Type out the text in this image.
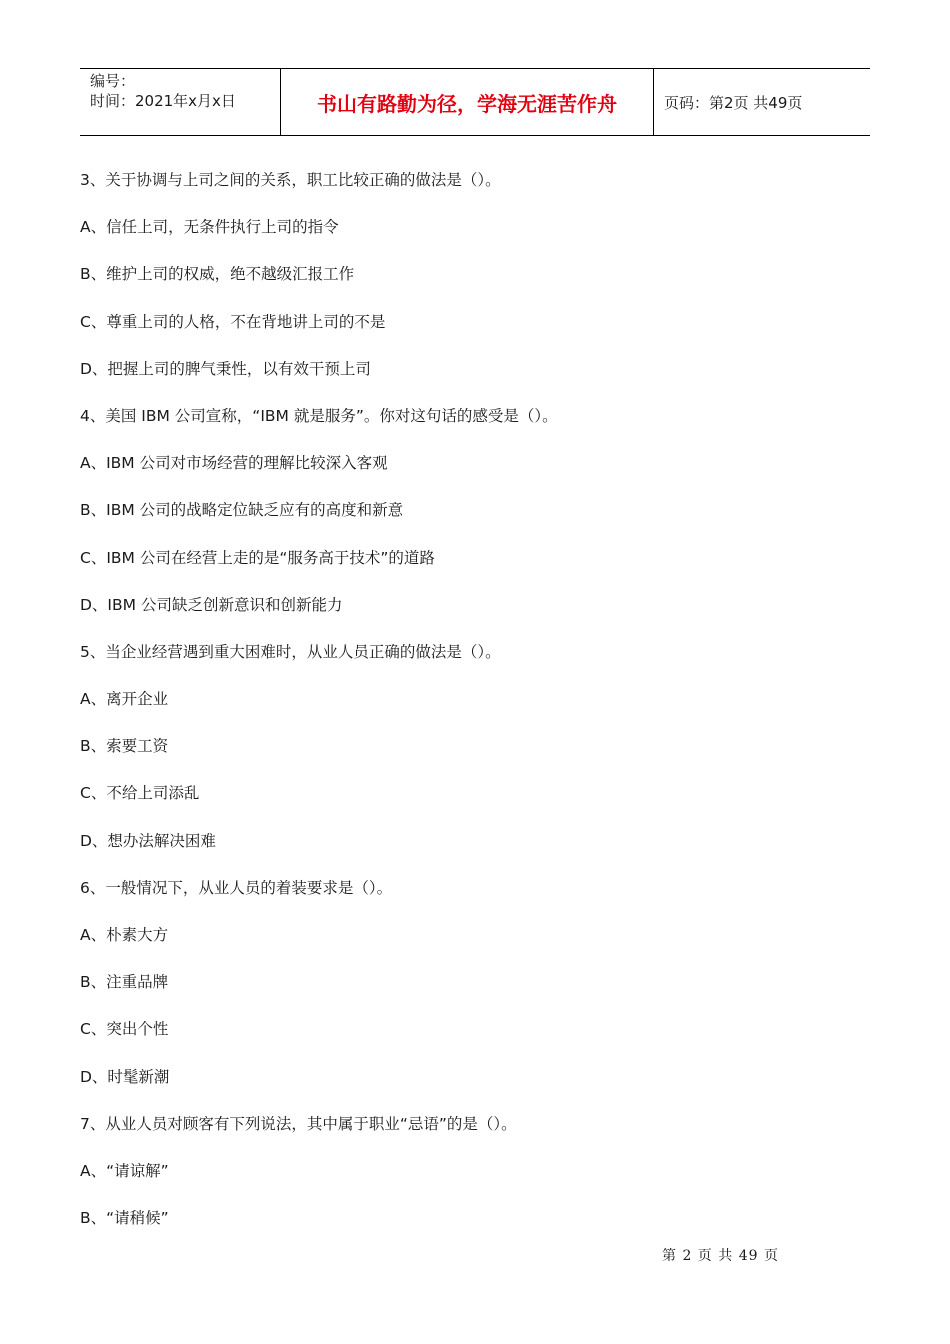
编号：
时间：2021年x月x日	书山有路勤为径，学海无涯苦作舟	页码：第2页 共49页
3、关于协调与上司之间的关系，职工比较正确的做法是（）。
A、信任上司，无条件执行上司的指令
B、维护上司的权威，绝不越级汇报工作
C、尊重上司的人格，不在背地讲上司的不是
D、把握上司的脾气秉性，以有效干预上司
4、美国 IBM 公司宣称，“IBM 就是服务”。你对这句话的感受是（）。
A、IBM 公司对市场经营的理解比较深入客观
B、IBM 公司的战略定位缺乏应有的高度和新意
C、IBM 公司在经营上走的是“服务高于技术”的道路
D、IBM 公司缺乏创新意识和创新能力
5、当企业经营遇到重大困难时，从业人员正确的做法是（）。
A、离开企业
B、索要工资
C、不给上司添乱
D、想办法解决困难
6、一般情况下，从业人员的着装要求是（）。
A、朴素大方
B、注重品牌
C、突出个性
D、时髦新潮
7、从业人员对顾客有下列说法，其中属于职业“忌语”的是（）。
A、“请谅解”
B、“请稍候”
第 2 页 共 49 页
